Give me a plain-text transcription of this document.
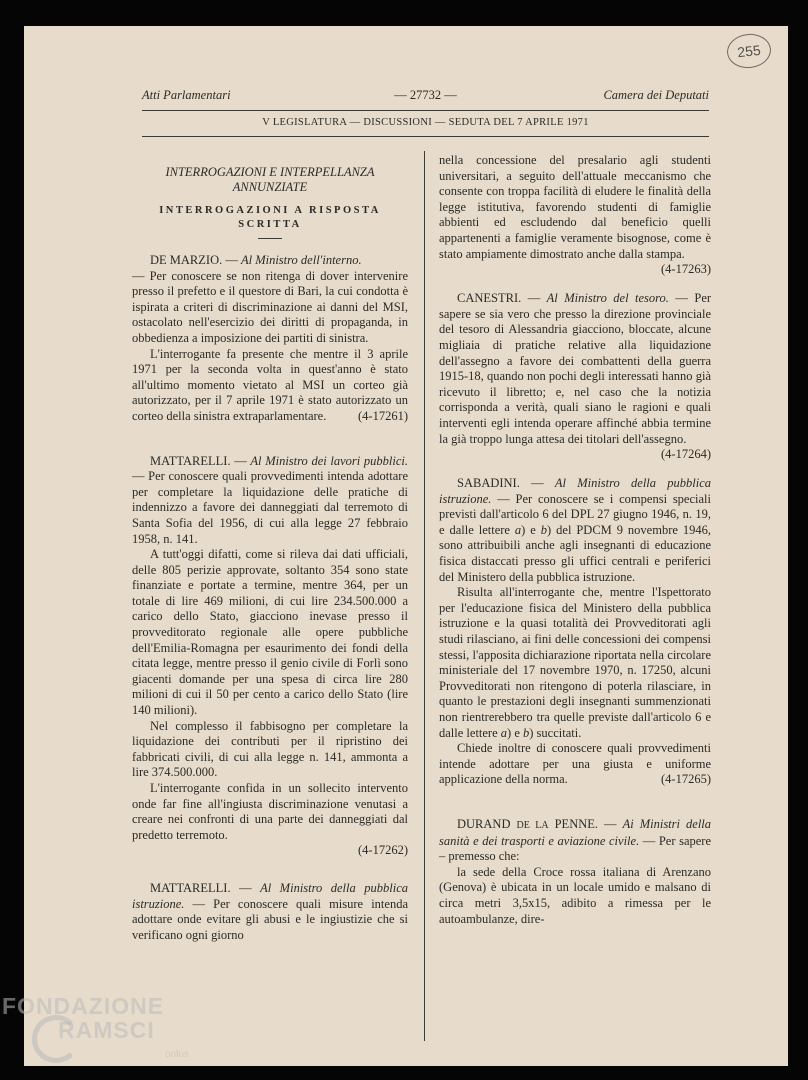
255
Atti Parlamentari	— 27732 —	Camera dei Deputati
V LEGISLATURA — DISCUSSIONI — SEDUTA DEL 7 APRILE 1971

INTERROGAZIONI E INTERPELLANZA ANNUNZIATE

INTERROGAZIONI A RISPOSTA SCRITTA

DE MARZIO. — Al Ministro dell'interno.

— Per conoscere se non ritenga di dover intervenire presso il prefetto e il questore di Bari, la cui condotta è ispirata a criteri di discriminazione ai danni del MSI, ostacolato nell'esercizio dei diritti di propaganda, in obbedienza a imposizione dei partiti di sinistra.

L'interrogante fa presente che mentre il 3 aprile 1971 per la seconda volta in quest'anno è stato all'ultimo momento vietato al MSI un corteo già autorizzato, per il 7 aprile 1971 è stato autorizzato un corteo della sinistra extraparlamentare.	(4-17261)

MATTARELLI. — Al Ministro dei lavori pubblici. — Per conoscere quali provvedimenti intenda adottare per completare la liquidazione delle pratiche di indennizzo a favore dei danneggiati dal terremoto di Santa Sofia del 1956, di cui alla legge 27 febbraio 1958, n. 141.

A tutt'oggi difatti, come si rileva dai dati ufficiali, delle 805 perizie approvate, soltanto 354 sono state finanziate e portate a termine, mentre 364, per un totale di lire 469 milioni, di cui lire 234.500.000 a carico dello Stato, giacciono inevase presso il provveditorato regionale alle opere pubbliche dell'Emilia-Romagna per esaurimento dei fondi della citata legge, mentre presso il genio civile di Forlì sono giacenti domande per una spesa di circa lire 280 milioni di cui il 50 per cento a carico dello Stato (lire 140 milioni).

Nel complesso il fabbisogno per completare la liquidazione dei contributi per il ripristino dei fabbricati civili, di cui alla legge n. 141, ammonta a lire 374.500.000.

L'interrogante confida in un sollecito intervento onde far fine all'ingiusta discriminazione venutasi a creare nei confronti di una parte dei danneggiati dal predetto terremoto.

(4-17262)

MATTARELLI. — Al Ministro della pubblica istruzione. — Per conoscere quali misure intenda adottare onde evitare gli abusi e le ingiustizie che si verificano ogni giorno

nella concessione del presalario agli studenti universitari, a seguito dell'attuale meccanismo che consente con troppa facilità di eludere le finalità della legge istitutiva, favorendo studenti di famiglie abbienti ed escludendo dal beneficio quelli appartenenti a famiglie veramente bisognose, come è stato ampiamente dimostrato anche dalla stampa.
(4-17263)

CANESTRI. — Al Ministro del tesoro. — Per sapere se sia vero che presso la direzione provinciale del tesoro di Alessandria giacciono, bloccate, alcune migliaia di pratiche relative alla liquidazione dell'assegno a favore dei combattenti della guerra 1915-18, quando non pochi degli interessati hanno già ricevuto il libretto; e, nel caso che la notizia corrisponda a verità, quali siano le ragioni e quali interventi egli intenda operare affinché abbia termine la già troppo lunga attesa dei titolari dell'assegno.
(4-17264)

SABADINI. — Al Ministro della pubblica istruzione. — Per conoscere se i compensi speciali previsti dall'articolo 6 del DPL 27 giugno 1946, n. 19, e dalle lettere a) e b) del PDCM 9 novembre 1946, sono attribuibili anche agli insegnanti di educazione fisica distaccati presso gli uffici centrali e periferici del Ministero della pubblica istruzione.

Risulta all'interrogante che, mentre l'Ispettorato per l'educazione fisica del Ministero della pubblica istruzione e la quasi totalità dei Provveditorati agli studi rilasciano, ai fini delle concessioni dei compensi stessi, l'apposita dichiarazione riportata nella circolare ministeriale del 17 novembre 1970, n. 17250, alcuni Provveditorati non ritengono di poterla rilasciare, in quanto le prestazioni degli insegnanti summenzionati non rientrerebbero tra quelle previste dall'articolo 6 e dalle lettere a) e b) succitati.

Chiede inoltre di conoscere quali provvedimenti intende adottare per una giusta e uniforme applicazione della norma.	(4-17265)

DURAND DE LA PENNE. — Ai Ministri della sanità e dei trasporti e aviazione civile. — Per sapere – premesso che:

la sede della Croce rossa italiana di Arenzano (Genova) è ubicata in un locale umido e malsano di circa metri 3,5x15, adibito a rimessa per le autoambulanze, dire-

FONDAZIONE
RAMSCI
onlus
